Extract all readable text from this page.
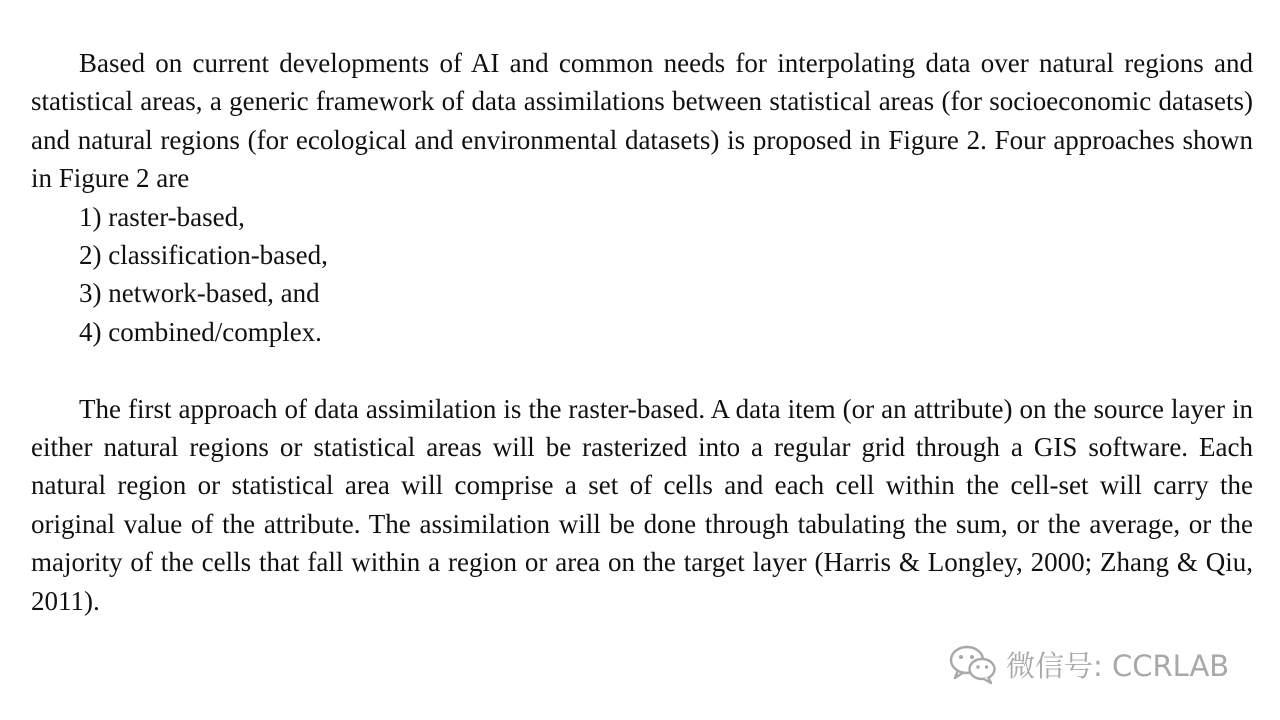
Based on current developments of AI and common needs for interpolating data over natural regions and statistical areas, a generic framework of data assimilations between statistical areas (for socioeconomic datasets) and natural regions (for ecological and environmental datasets) is proposed in Figure 2. Four approaches shown in Figure 2 are

1) raster-based,
2) classification-based,
3) network-based, and
4) combined/complex.

The first approach of data assimilation is the raster-based. A data item (or an attribute) on the source layer in either natural regions or statistical areas will be rasterized into a regular grid through a GIS software. Each natural region or statistical area will comprise a set of cells and each cell within the cell-set will carry the original value of the attribute. The assimilation will be done through tabulating the sum, or the average, or the majority of the cells that fall within a region or area on the target layer (Harris & Longley, 2000; Zhang & Qiu, 2011).

微信号: CCRLAB
